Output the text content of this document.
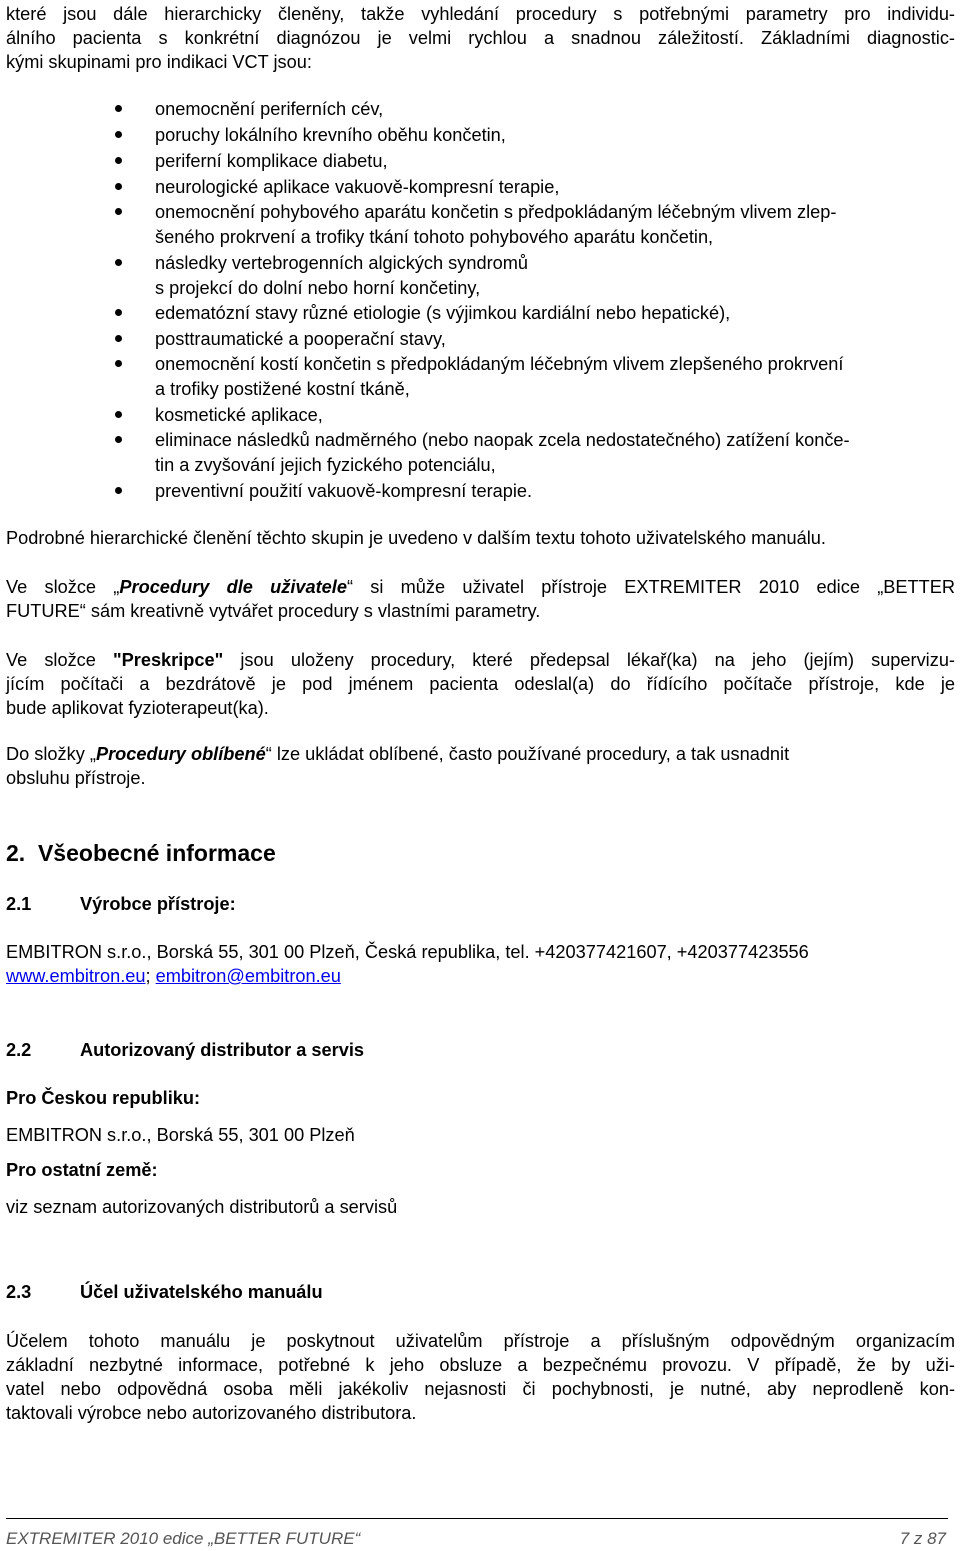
které jsou dále hierarchicky členěny, takže vyhledání procedury s potřebnými parametry pro individu-
álního pacienta s konkrétní diagnózou je velmi rychlou a snadnou záležitostí. Základními diagnostic-
kými skupinami pro indikaci VCT jsou:
onemocnění periferních cév,
poruchy lokálního krevního oběhu končetin,
periferní komplikace diabetu,
neurologické aplikace vakuově-kompresní terapie,
onemocnění pohybového aparátu končetin s předpokládaným léčebným vlivem zlep-
šeného prokrvení a trofiky tkání tohoto pohybového aparátu končetin,
následky vertebrogenních algických syndromů
s projekcí do dolní nebo horní končetiny,
edematózní stavy různé etiologie (s výjimkou kardiální nebo hepatické),
posttraumatické a pooperační stavy,
onemocnění kostí končetin s předpokládaným léčebným vlivem zlepšeného prokrvení
a trofiky postižené kostní tkáně,
kosmetické aplikace,
eliminace následků nadměrného (nebo naopak zcela nedostatečného) zatížení konče-
tin a zvyšování jejich fyzického potenciálu,
preventivní použití vakuově-kompresní terapie.
Podrobné hierarchické členění těchto skupin je uvedeno v dalším textu tohoto uživatelského manuálu.
Ve složce „Procedury dle uživatele“ si může uživatel přístroje EXTREMITER 2010 edice „BETTER
FUTURE“ sám kreativně vytvářet procedury s vlastními parametry.
Ve složce "Preskripce" jsou uloženy procedury, které předepsal lékař(ka) na jeho (jejím) supervizu-
jícím počítači a bezdrátově je pod jménem pacienta odeslal(a) do řídícího počítače přístroje, kde je
bude aplikovat fyzioterapeut(ka).
Do složky „Procedury oblíbené“ lze ukládat oblíbené, často používané procedury, a tak usnadnit
obsluhu přístroje.
2. Všeobecné informace
2.1	Výrobce přístroje:
EMBITRON s.r.o., Borská 55, 301 00 Plzeň, Česká republika, tel. +420377421607, +420377423556
www.embitron.eu; embitron@embitron.eu
2.2	Autorizovaný distributor a servis
Pro Českou republiku:
EMBITRON s.r.o., Borská 55, 301 00 Plzeň
Pro ostatní země:
viz seznam autorizovaných distributorů a servisů
2.3	Účel uživatelského manuálu
Účelem tohoto manuálu je poskytnout uživatelům přístroje a příslušným odpovědným organizacím
základní nezbytné informace, potřebné k jeho obsluze a bezpečnému provozu. V případě, že by uži-
vatel nebo odpovědná osoba měli jakékoliv nejasnosti či pochybnosti, je nutné, aby neprodleně kon-
taktovali výrobce nebo autorizovaného distributora.
EXTREMITER 2010 edice „BETTER FUTURE“	7 z 87
